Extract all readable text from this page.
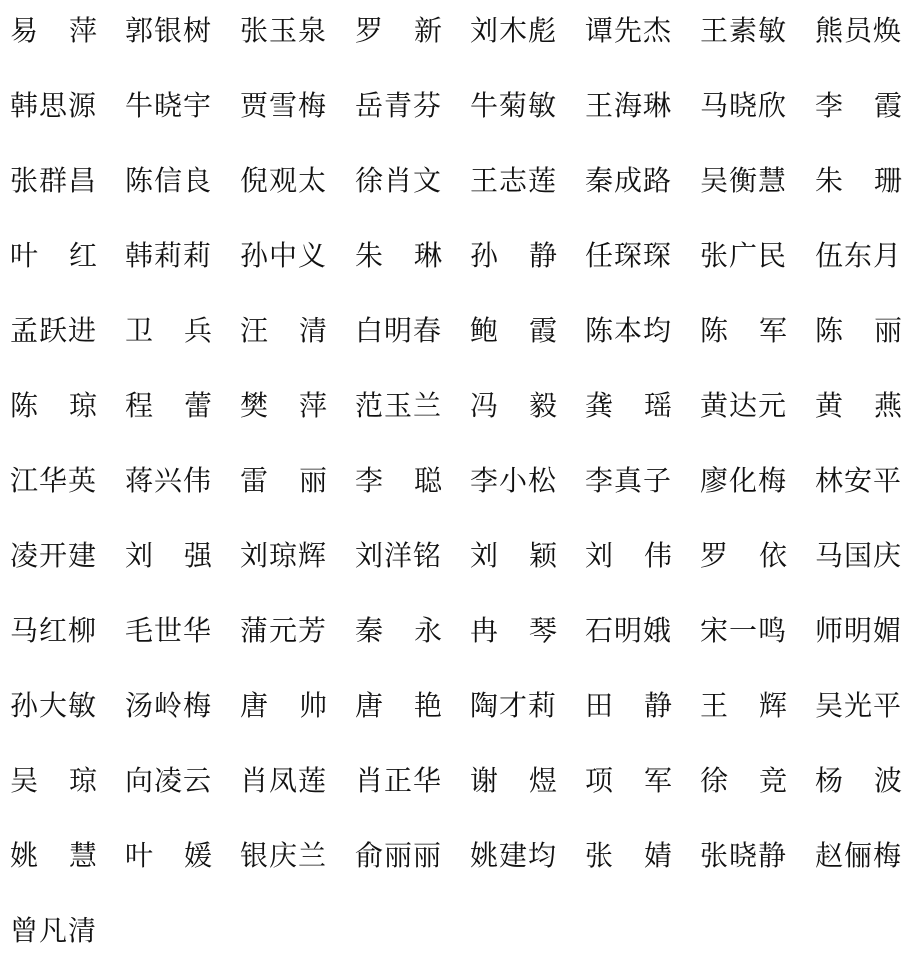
易 萍 郭银树 张玉泉 罗 新 刘木彪 谭先杰 王素敏 熊员焕
韩思源 牛晓宇 贾雪梅 岳青芬 牛菊敏 王海琳 马晓欣 李 霞
张群昌 陈信良 倪观太 徐肖文 王志莲 秦成路 吴衡慧 朱 珊
叶 红 韩莉莉 孙中义 朱 琳 孙 静 任琛琛 张广民 伍东月
孟跃进 卫 兵 汪 清 白明春 鲍 霞 陈本均 陈 军 陈 丽
陈 琼 程 蕾 樊 萍 范玉兰 冯 毅 龚 瑶 黄达元 黄 燕
江华英 蒋兴伟 雷 丽 李 聪 李小松 李真子 廖化梅 林安平
凌开建 刘 强 刘琼辉 刘洋铭 刘 颖 刘 伟 罗 依 马国庆
马红柳 毛世华 蒲元芳 秦 永 冉 琴 石明娥 宋一鸣 师明媚
孙大敏 汤岭梅 唐 帅 唐 艳 陶才莉 田 静 王 辉 吴光平
吴 琼 向凌云 肖凤莲 肖正华 谢 煜 项 军 徐 竞 杨 波
姚 慧 叶 媛 银庆兰 俞丽丽 姚建均 张 婧 张晓静 赵俪梅
曾凡清
